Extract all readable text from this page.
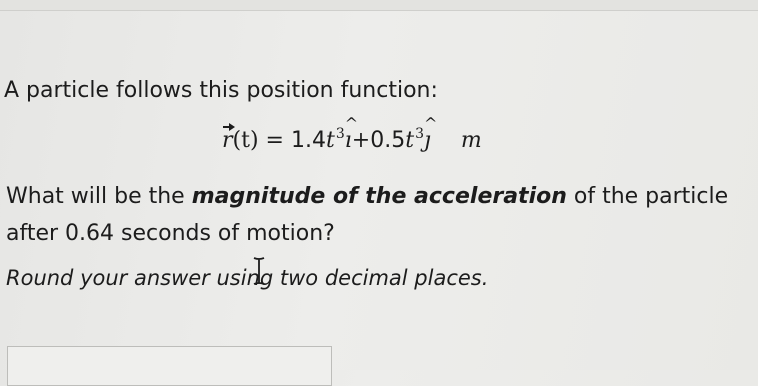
A particle follows this position function:
$r(t) = 1.4t^3\^{}$ $ı+0.5t^3\^{}$ ȷ m
What will be the magnitude of the acceleration of the particle after 0.64 seconds of motion?
Round your answer using two decimal places.
